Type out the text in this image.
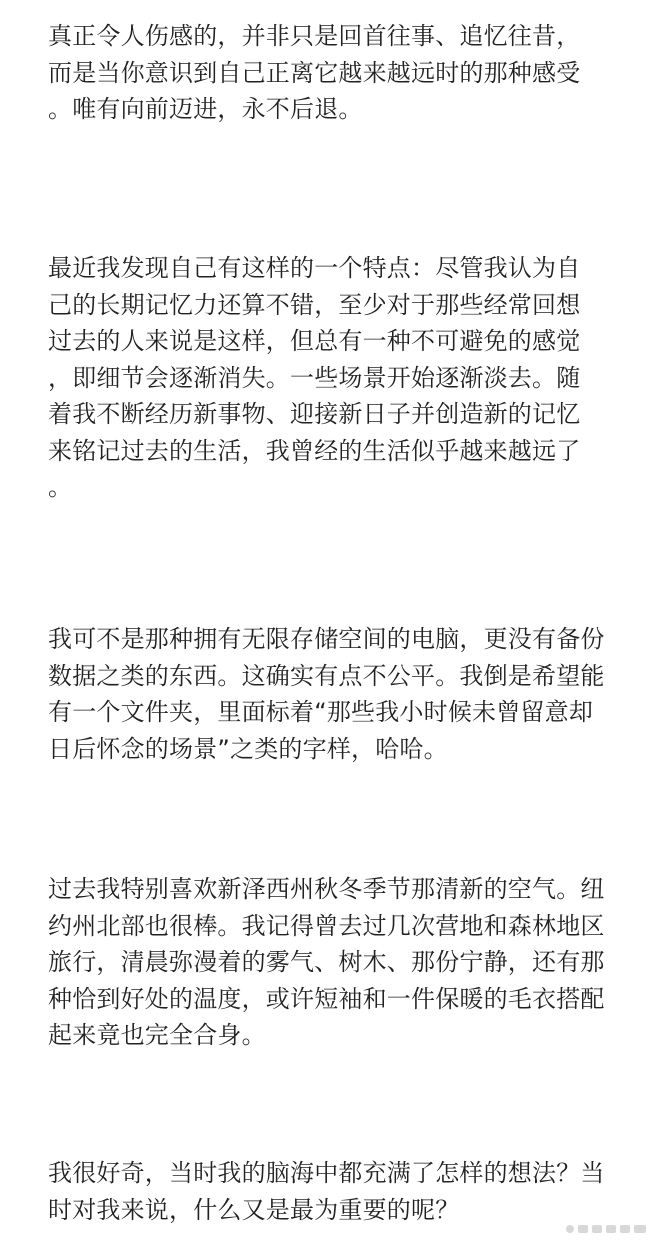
真正令人伤感的，并非只是回首往事、追忆往昔，
而是当你意识到自己正离它越来越远时的那种感受
。唯有向前迈进，永不后退。
最近我发现自己有这样的一个特点：尽管我认为自
己的长期记忆力还算不错，至少对于那些经常回想
过去的人来说是这样，但总有一种不可避免的感觉
，即细节会逐渐消失。一些场景开始逐渐淡去。随
着我不断经历新事物、迎接新日子并创造新的记忆
来铭记过去的生活，我曾经的生活似乎越来越远了
。
我可不是那种拥有无限存储空间的电脑，更没有备份
数据之类的东西。这确实有点不公平。我倒是希望能
有一个文件夹，里面标着“那些我小时候未曾留意却
日后怀念的场景”之类的字样，哈哈。
过去我特别喜欢新泽西州秋冬季节那清新的空气。纽
约州北部也很棒。我记得曾去过几次营地和森林地区
旅行，清晨弥漫着的雾气、树木、那份宁静，还有那
种恰到好处的温度，或许短袖和一件保暖的毛衣搭配
起来竟也完全合身。
我很好奇，当时我的脑海中都充满了怎样的想法？当
时对我来说，什么又是最为重要的呢？
